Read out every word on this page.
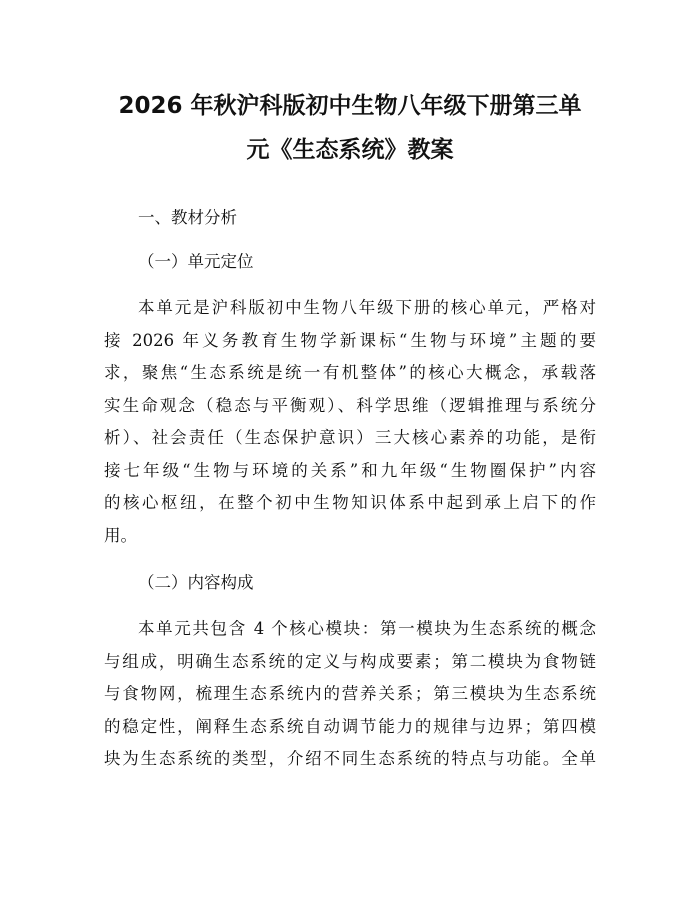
2026 年秋沪科版初中生物八年级下册第三单
元《生态系统》教案

一、教材分析

（一）单元定位

本单元是沪科版初中生物八年级下册的核心单元，严格对
接 2026 年义务教育生物学新课标“生物与环境”主题的要
求，聚焦“生态系统是统一有机整体”的核心大概念，承载落
实生命观念（稳态与平衡观）、科学思维（逻辑推理与系统分
析）、社会责任（生态保护意识）三大核心素养的功能，是衔
接七年级“生物与环境的关系”和九年级“生物圈保护”内容
的核心枢纽，在整个初中生物知识体系中起到承上启下的作
用。

（二）内容构成

本单元共包含 4 个核心模块：第一模块为生态系统的概念
与组成，明确生态系统的定义与构成要素；第二模块为食物链
与食物网，梳理生态系统内的营养关系；第三模块为生态系统
的稳定性，阐释生态系统自动调节能力的规律与边界；第四模
块为生态系统的类型，介绍不同生态系统的特点与功能。全单
